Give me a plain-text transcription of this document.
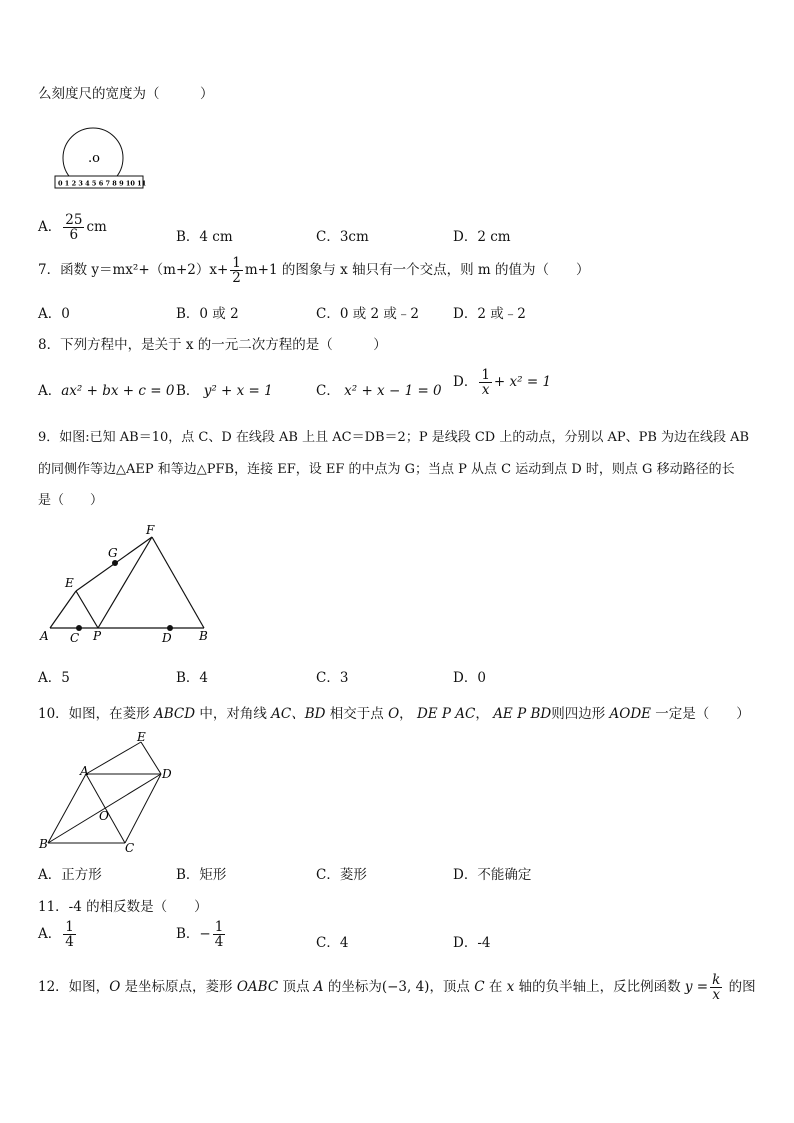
么刻度尺的宽度为（　　　）
.o
0 1 2 3 4 5 6 7 8 9 10 11
A． $\frac{25}{6}$ cm
B．4 cm	C．3cm	D．2 cm
7．函数 $y=mx^2+(m+2)x+ \frac{1}{2} m+1$ 的图象与 x 轴只有一个交点，则 m 的值为（　　）
A．0	B．0 或 2	C．0 或 2 或﹣2	D．2 或﹣2
8．下列方程中，是关于 x 的一元二次方程的是（　　　）
A．ax² + bx + c = 0 B． y² + x = 1	C． x² + x − 1 = 0
D． $\frac{1}{x} + x^2 = 1$
9．如图:已知 AB＝10，点 C、D 在线段 AB 上且 AC＝DB＝2；P 是线段 CD 上的动点，分别以 AP、PB 为边在线段 AB
的同侧作等边△AEP 和等边△PFB，连接 EF，设 EF 的中点为 G；当点 P 从点 C 运动到点 D 时，则点 G 移动路径的长
是（　　）
A C P	D B
E
G
F
A．5	B．4	C．3	D．0
10．如图，在菱形 ABCD 中，对角线 AC、BD 相交于点 O， DE P AC， AE P BD则四边形 AODE 一定是（　　）
E
A	D
O
B	C
A．正方形	B．矩形	C．菱形	D．不能确定
11．-4 的相反数是（　　）
A． $\frac{1}{4}$	B．− $\frac{1}{4}$	C．4	D．-4
12．如图，O 是坐标原点，菱形 OABC 顶点 A 的坐标为(−3, 4)，顶点 C 在 x 轴的负半轴上，反比例函数 $y = \frac{k}{x}$ 的图
